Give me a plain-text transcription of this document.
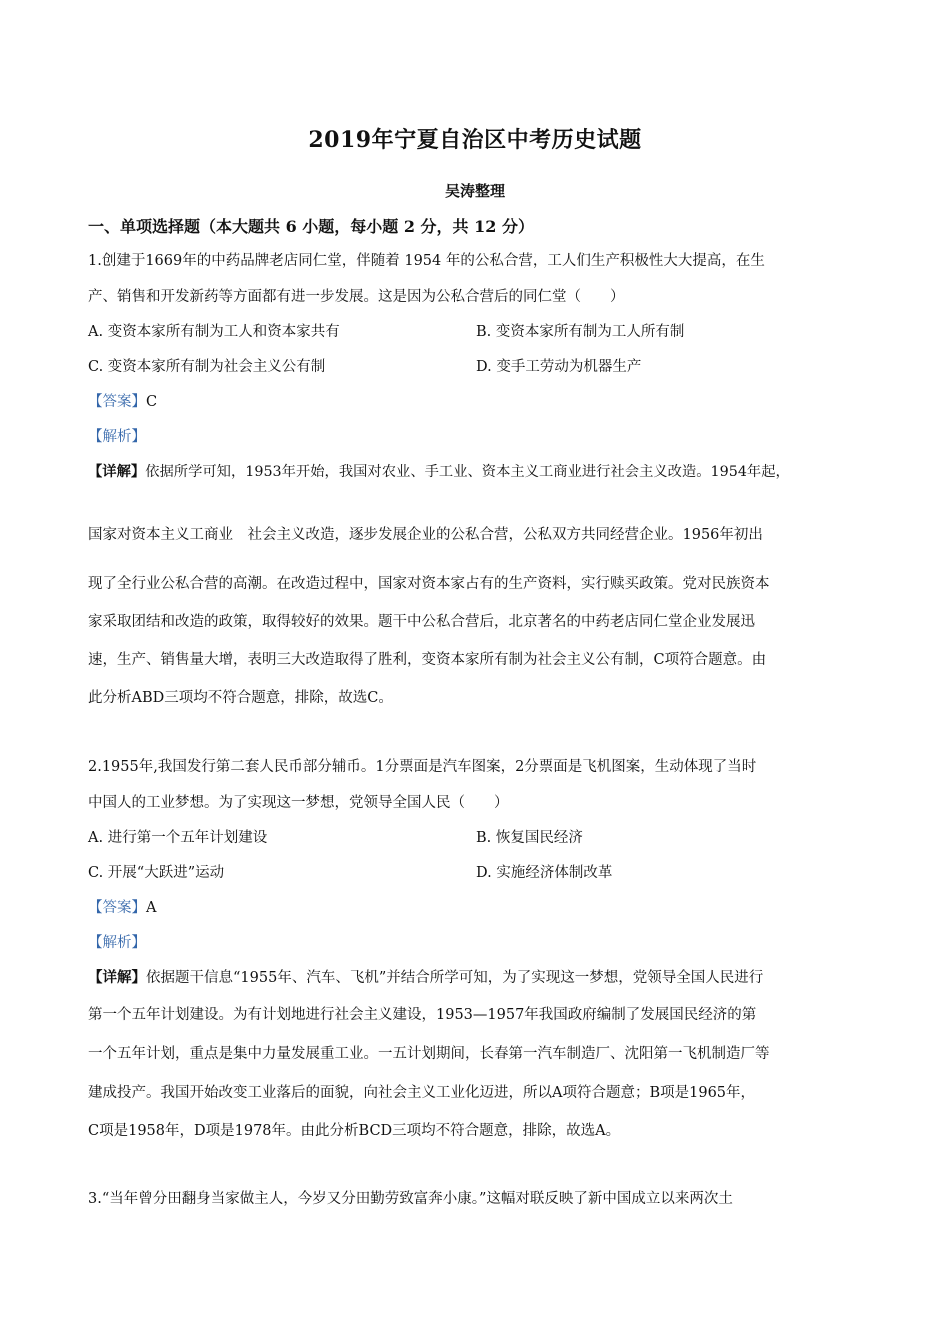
2019年宁夏自治区中考历史试题
吴涛整理
一、单项选择题（本大题共 6 小题，每小题 2 分，共 12 分）
1.创建于1669年的中药品牌老店同仁堂，伴随着 1954 年的公私合营，工人们生产积极性大大提高，在生
产、销售和开发新药等方面都有进一步发展。这是因为公私合营后的同仁堂（　　）
A. 变资本家所有制为工人和资本家共有	B. 变资本家所有制为工人所有制
C. 变资本家所有制为社会主义公有制	D. 变手工劳动为机器生产
【答案】C
【解析】
【详解】依据所学可知，1953年开始，我国对农业、手工业、资本主义工商业进行社会主义改造。1954年起，
国家对资本主义工商业　社会主义改造，逐步发展企业的公私合营，公私双方共同经营企业。1956年初出
现了全行业公私合营的高潮。在改造过程中，国家对资本家占有的生产资料，实行赎买政策。党对民族资本
家采取团结和改造的政策，取得较好的效果。题干中公私合营后，北京著名的中药老店同仁堂企业发展迅
速，生产、销售量大增，表明三大改造取得了胜利，变资本家所有制为社会主义公有制，C项符合题意。由
此分析ABD三项均不符合题意，排除，故选C。
2.1955年,我国发行第二套人民币部分辅币。1分票面是汽车图案，2分票面是飞机图案，生动体现了当时
中国人的工业梦想。为了实现这一梦想，党领导全国人民（　　）
A. 进行第一个五年计划建设	B. 恢复国民经济
C. 开展“大跃进”运动	D. 实施经济体制改革
【答案】A
【解析】
【详解】依据题干信息“1955年、汽车、飞机”并结合所学可知，为了实现这一梦想，党领导全国人民进行
第一个五年计划建设。为有计划地进行社会主义建设，1953—1957年我国政府编制了发展国民经济的第
一个五年计划，重点是集中力量发展重工业。一五计划期间，长春第一汽车制造厂、沈阳第一飞机制造厂等
建成投产。我国开始改变工业落后的面貌，向社会主义工业化迈进，所以A项符合题意；B项是1965年，
C项是1958年，D项是1978年。由此分析BCD三项均不符合题意，排除，故选A。
3.“当年曾分田翻身当家做主人，今岁又分田勤劳致富奔小康。”这幅对联反映了新中国成立以来两次土
